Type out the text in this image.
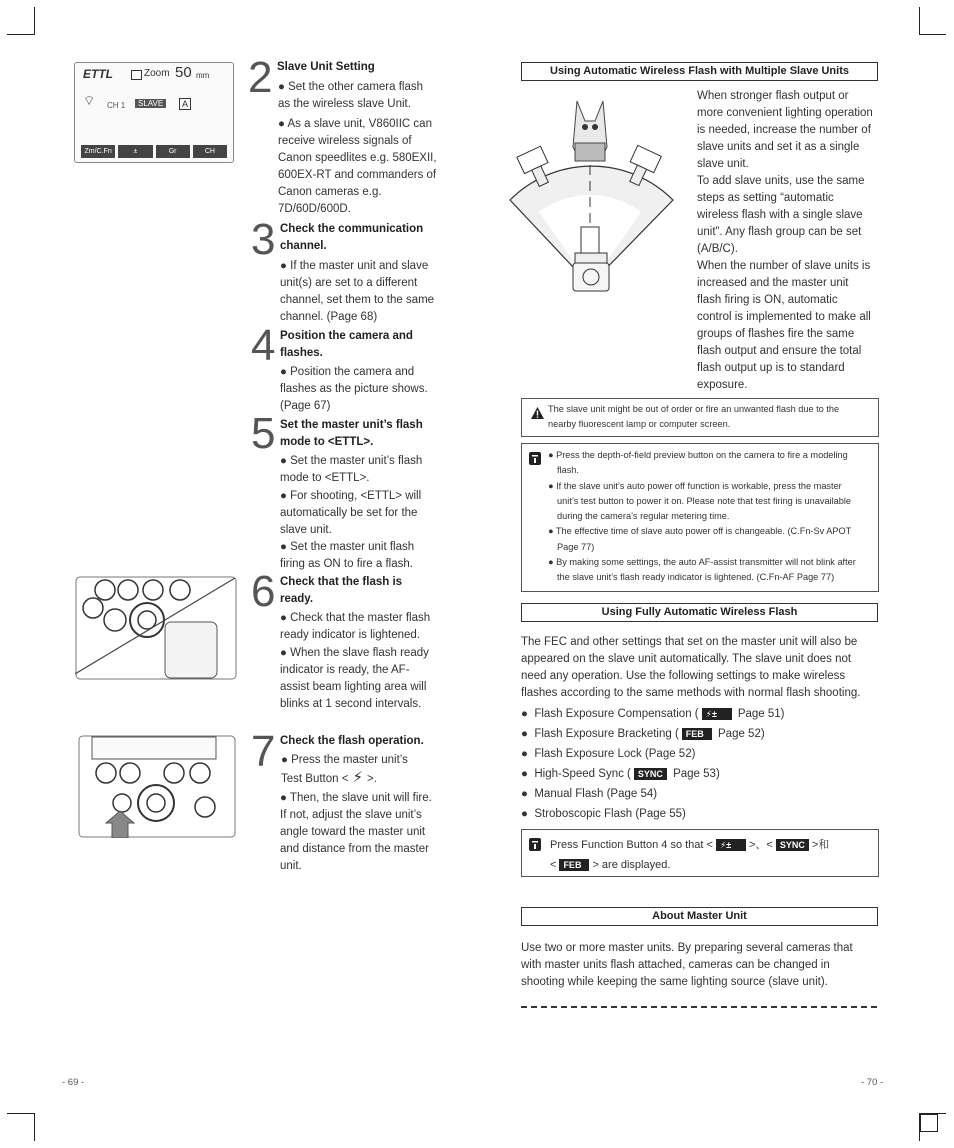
ETTL	Zoom 50 mm
⌔ CH 1	SLAVE	A
Zm/C.Fn	±	Gr	CH
2
3
4
5
6
7
Slave Unit Setting
● Set the other camera flash as the wireless slave Unit.
● As a slave unit, V860IIC can receive wireless signals of Canon speedlites e.g. 580EXII, 600EX-RT and commanders of Canon cameras e.g. 7D/60D/600D.
Check the communication channel.
● If the master unit and slave unit(s) are set to a different channel, set them to the same channel. (Page 68)
Position the camera and flashes.
● Position the camera and flashes as the picture shows. (Page 67)
Set the master unit’s flash mode to <ETTL>.
● Set the master unit’s flash mode to <ETTL>.
● For shooting, <ETTL> will automatically be set for the slave unit.
● Set the master unit flash firing as ON to fire a flash.
Check that the flash is ready.
● Check that the master flash ready indicator is lightened.
● When the slave flash ready indicator is ready, the AF-assist beam lighting area will blinks at 1 second intervals.
Check the flash operation.
● Press the master unit’s Test Button < ⚡ >.
● Then, the slave unit will fire. If not, adjust the slave unit’s angle toward the master unit and distance from the master unit.
Using Automatic Wireless Flash with Multiple Slave Units
When stronger flash output or
more convenient lighting operation
is needed, increase the number of
slave units and set it as a single
slave unit.
To add slave units, use the same
steps as setting “automatic
wireless flash with a single slave
unit”. Any flash group can be set
(A/B/C).
When the number of slave units is
increased and the master unit
flash firing is ON, automatic
control is implemented to make all
groups of flashes fire the same
flash output and ensure the total
flash output up is to standard
exposure.
The slave unit might be out of order or fire an unwanted flash due to the
nearby fluorescent lamp or computer screen.
● Press the depth-of-field preview button on the camera to fire a modeling
flash.
● If the slave unit’s auto power off function is workable, press the master
unit’s test button to power it on. Please note that test firing is unavailable
during the camera’s regular metering time.
● The effective time of slave auto power off is changeable. (C.Fn-Sv APOT
Page 77)
● By making some settings, the auto AF-assist transmitter will not blink after
the slave unit’s flash ready indicator is lightened. (C.Fn-AF Page 77)
Using Fully Automatic Wireless Flash
The FEC and other settings that set on the master unit will also be
appeared on the slave unit automatically. The slave unit does not
need any operation. Use the following settings to make wireless
flashes according to the same methods with normal flash shooting.
●  Flash Exposure Compensation ( ⚡± Page 51)
●  Flash Exposure Bracketing ( FEB Page 52)
●  Flash Exposure Lock (Page 52)
●  High-Speed Sync ( SYNC Page 53)
●  Manual Flash (Page 54)
●  Stroboscopic Flash (Page 55)
Press Function Button 4 so that < ⚡± >、< SYNC >和
< FEB > are displayed.
About Master Unit
Use two or more master units. By preparing several cameras that
with master units flash attached, cameras can be changed in
shooting while keeping the same lighting source (slave unit).
- 69 -	- 70 -
